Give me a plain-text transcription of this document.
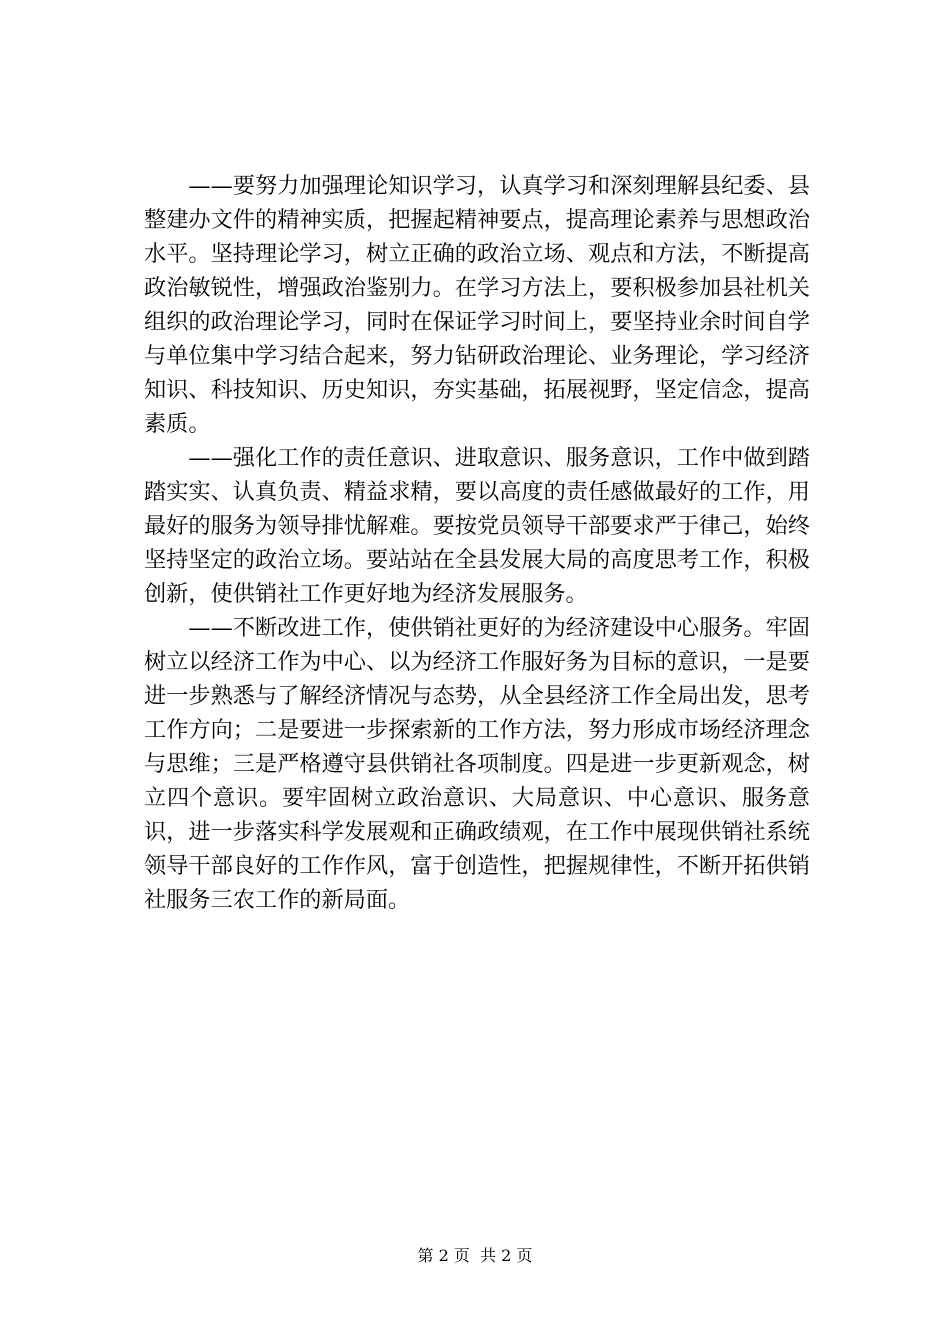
——要努力加强理论知识学习，认真学习和深刻理解县纪委、县整建办文件的精神实质，把握起精神要点，提高理论素养与思想政治水平。坚持理论学习，树立正确的政治立场、观点和方法，不断提高政治敏锐性，增强政治鉴别力。在学习方法上，要积极参加县社机关组织的政治理论学习，同时在保证学习时间上，要坚持业余时间自学与单位集中学习结合起来，努力钻研政治理论、业务理论，学习经济知识、科技知识、历史知识，夯实基础，拓展视野，坚定信念，提高素质。

——强化工作的责任意识、进取意识、服务意识，工作中做到踏踏实实、认真负责、精益求精，要以高度的责任感做最好的工作，用最好的服务为领导排忧解难。要按党员领导干部要求严于律己，始终坚持坚定的政治立场。要站站在全县发展大局的高度思考工作，积极创新，使供销社工作更好地为经济发展服务。

——不断改进工作，使供销社更好的为经济建设中心服务。牢固树立以经济工作为中心、以为经济工作服好务为目标的意识，一是要进一步熟悉与了解经济情况与态势，从全县经济工作全局出发，思考工作方向；二是要进一步探索新的工作方法，努力形成市场经济理念与思维；三是严格遵守县供销社各项制度。四是进一步更新观念，树立四个意识。要牢固树立政治意识、大局意识、中心意识、服务意识，进一步落实科学发展观和正确政绩观，在工作中展现供销社系统领导干部良好的工作作风，富于创造性，把握规律性，不断开拓供销社服务三农工作的新局面。

第 2 页  共 2 页
